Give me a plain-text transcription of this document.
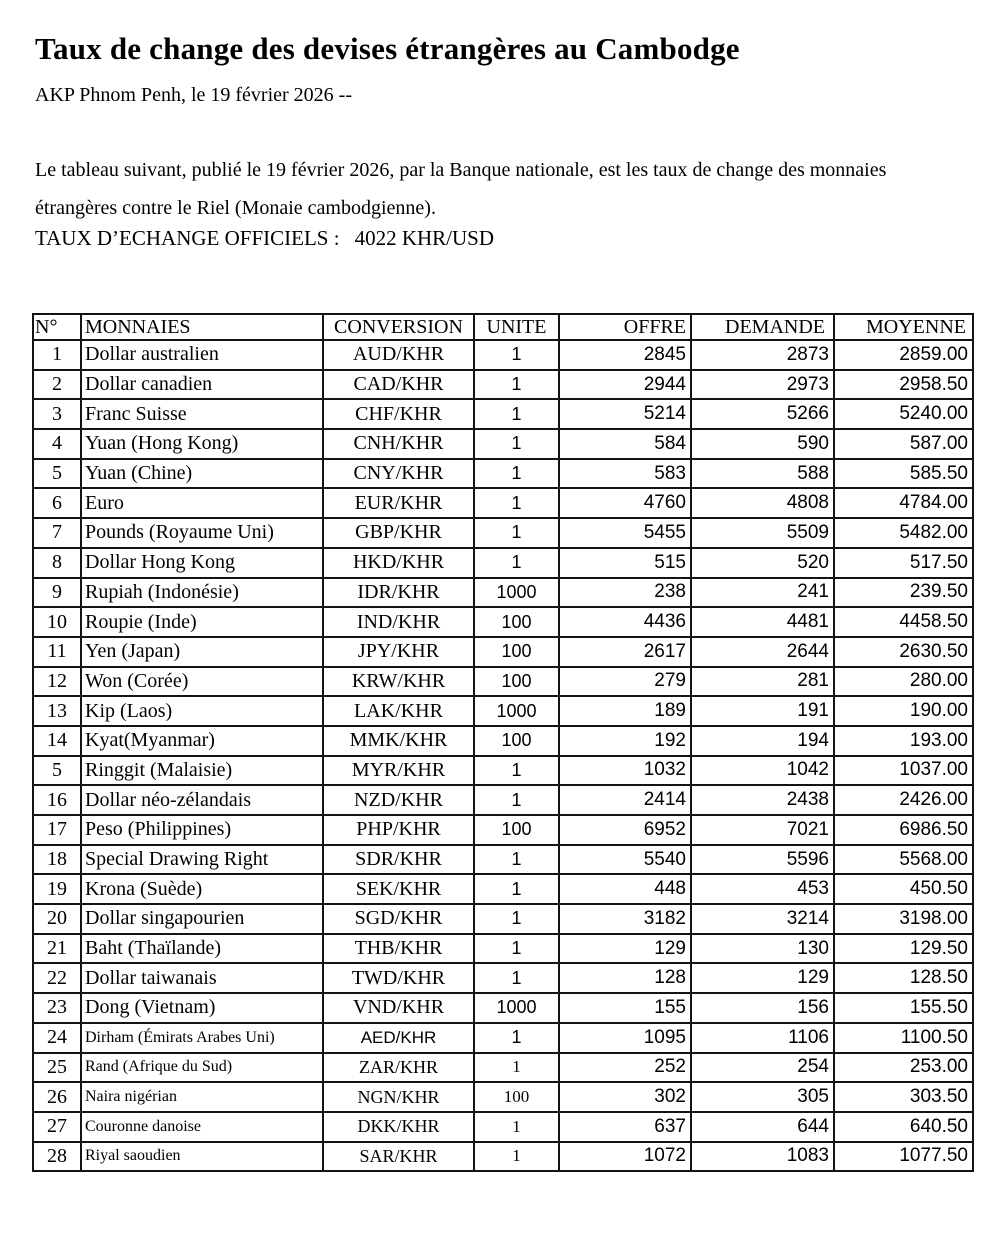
Taux de change des devises étrangères au Cambodge
AKP Phnom Penh, le 19 février 2026 --

Le tableau suivant, publié le 19 février 2026, par la Banque nationale, est les taux de change des monnaies étrangères contre le Riel (Monaie cambodgienne).

TAUX D’ECHANGE OFFICIELS : 4022 KHR/USD
N°	MONNAIES	CONVERSION	UNITE	OFFRE	DEMANDE	MOYENNE
1	Dollar australien	AUD/KHR	1	2845	2873	2859.00
2	Dollar canadien	CAD/KHR	1	2944	2973	2958.50
3	Franc Suisse	CHF/KHR	1	5214	5266	5240.00
4	Yuan (Hong Kong)	CNH/KHR	1	584	590	587.00
5	Yuan (Chine)	CNY/KHR	1	583	588	585.50
6	Euro	EUR/KHR	1	4760	4808	4784.00
7	Pounds (Royaume Uni)	GBP/KHR	1	5455	5509	5482.00
8	Dollar Hong Kong	HKD/KHR	1	515	520	517.50
9	Rupiah (Indonésie)	IDR/KHR	1000	238	241	239.50
10	Roupie (Inde)	IND/KHR	100	4436	4481	4458.50
11	Yen (Japan)	JPY/KHR	100	2617	2644	2630.50
12	Won (Corée)	KRW/KHR	100	279	281	280.00
13	Kip (Laos)	LAK/KHR	1000	189	191	190.00
14	Kyat(Myanmar)	MMK/KHR	100	192	194	193.00
5	Ringgit (Malaisie)	MYR/KHR	1	1032	1042	1037.00
16	Dollar néo-zélandais	NZD/KHR	1	2414	2438	2426.00
17	Peso (Philippines)	PHP/KHR	100	6952	7021	6986.50
18	Special Drawing Right	SDR/KHR	1	5540	5596	5568.00
19	Krona (Suède)	SEK/KHR	1	448	453	450.50
20	Dollar singapourien	SGD/KHR	1	3182	3214	3198.00
21	Baht (Thaïlande)	THB/KHR	1	129	130	129.50
22	Dollar taiwanais	TWD/KHR	1	128	129	128.50
23	Dong (Vietnam)	VND/KHR	1000	155	156	155.50
24	Dirham (Émirats Arabes Uni)	AED/KHR	1	1095	1106	1100.50
25	Rand (Afrique du Sud)	ZAR/KHR	1	252	254	253.00
26	Naira nigérian	NGN/KHR	100	302	305	303.50
27	Couronne danoise	DKK/KHR	1	637	644	640.50
28	Riyal saoudien	SAR/KHR	1	1072	1083	1077.50
